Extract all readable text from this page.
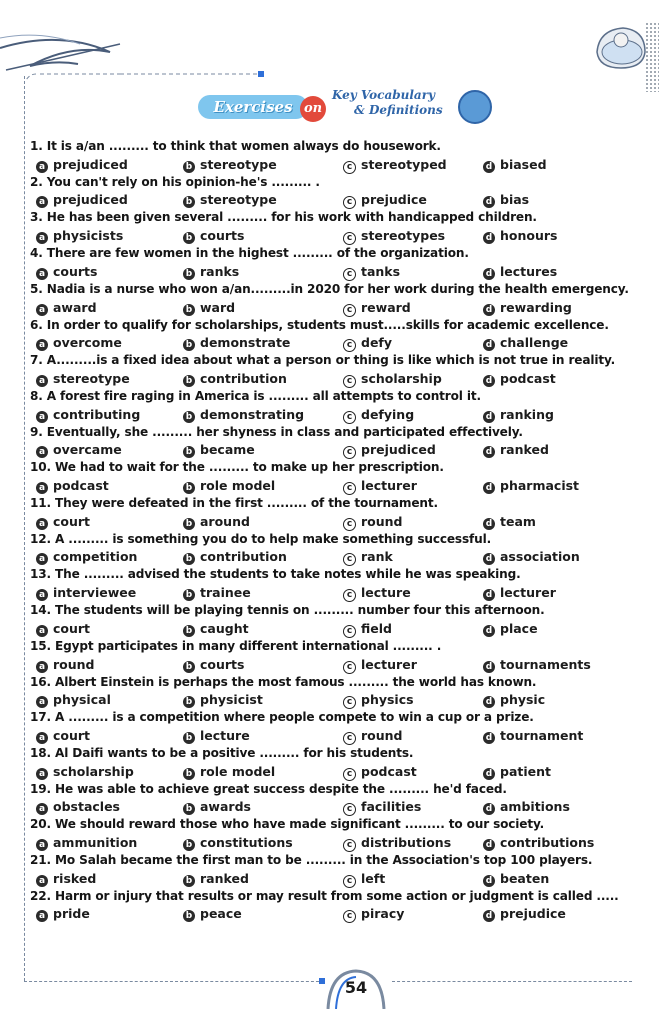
Exercises on
Key Vocabulary
& Definitions
1. It is a/an ......... to think that women always do housework.
a prejudiced	b stereotype	c stereotyped	d biased
2. You can't rely on his opinion-he's ......... .
a prejudiced	b stereotype	c prejudice	d bias
3. He has been given several ......... for his work with handicapped children.
a physicists	b courts	c stereotypes	d honours
4. There are few women in the highest ......... of the organization.
a courts	b ranks	c tanks	d lectures
5. Nadia is a nurse who won a/an.........in 2020 for her work during the health emergency.
a award	b ward	c reward	d rewarding
6. In order to qualify for scholarships, students must.....skills for academic excellence.
a overcome	b demonstrate	c defy	d challenge
7. A.........is a fixed idea about what a person or thing is like which is not true in reality.
a stereotype	b contribution	c scholarship	d podcast
8. A forest fire raging in America is ......... all attempts to control it.
a contributing	b demonstrating	c defying	d ranking
9. Eventually, she ......... her shyness in class and participated effectively.
a overcame	b became	c prejudiced	d ranked
10. We had to wait for the ......... to make up her prescription.
a podcast	b role model	c lecturer	d pharmacist
11. They were defeated in the first ......... of the tournament.
a court	b around	c round	d team
12. A ......... is something you do to help make something successful.
a competition	b contribution	c rank	d association
13. The ......... advised the students to take notes while he was speaking.
a interviewee	b trainee	c lecture	d lecturer
14. The students will be playing tennis on ......... number four this afternoon.
a court	b caught	c field	d place
15. Egypt participates in many different international ......... .
a round	b courts	c lecturer	d tournaments
16. Albert Einstein is perhaps the most famous ......... the world has known.
a physical	b physicist	c physics	d physic
17. A ......... is a competition where people compete to win a cup or a prize.
a court	b lecture	c round	d tournament
18. Al Daifi wants to be a positive ......... for his students.
a scholarship	b role model	c podcast	d patient
19. He was able to achieve great success despite the ......... he'd faced.
a obstacles	b awards	c facilities	d ambitions
20. We should reward those who have made significant ......... to our society.
a ammunition	b constitutions	c distributions	d contributions
21. Mo Salah became the first man to be ......... in the Association's top 100 players.
a risked	b ranked	c left	d beaten
22. Harm or injury that results or may result from some action or judgment is called .....
a pride	b peace	c piracy	d prejudice
54
